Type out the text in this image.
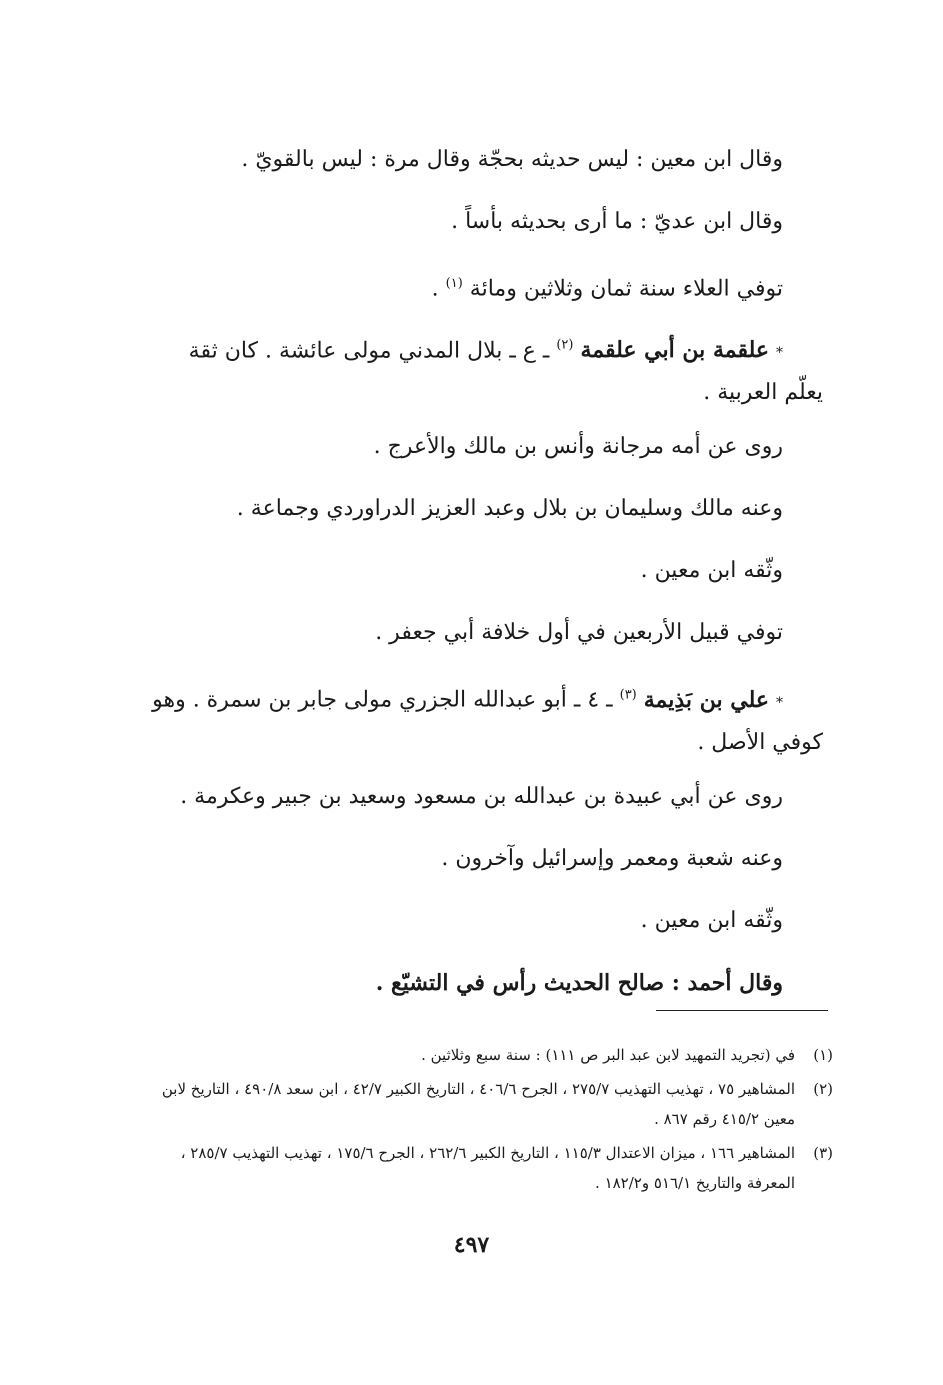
وقال ابن معين : ليس حديثه بحجّة وقال مرة : ليس بالقويّ .
وقال ابن عديّ : ما أرى بحديثه بأساً .
توفي العلاء سنة ثمان وثلاثين ومائة $^{(١)}$ .
* علقمة بن أبي علقمة $^{(٢)}$ ـ ع ـ بلال المدني مولى عائشة . كان ثقة يعلّم العربية .
روى عن أمه مرجانة وأنس بن مالك والأعرج .
وعنه مالك وسليمان بن بلال وعبد العزيز الدراوردي وجماعة .
وثّقه ابن معين .
توفي قبيل الأربعين في أول خلافة أبي جعفر .
* علي بن بَذِيمة $^{(٣)}$ ـ ٤ ـ أبو عبدالله الجزري مولى جابر بن سمرة . وهو كوفي الأصل .
روى عن أبي عبيدة بن عبدالله بن مسعود وسعيد بن جبير وعكرمة .
وعنه شعبة ومعمر وإسرائيل وآخرون .
وثّقه ابن معين .
وقال أحمد : صالح الحديث رأس في التشيّع .
(١)
في (تجريد التمهيد لابن عبد البر ص ١١١) : سنة سبع وثلاثين .
(٢)
المشاهير ٧٥ ، تهذيب التهذيب ٢٧٥/٧ ، الجرح ٤٠٦/٦ ، التاريخ الكبير ٤٢/٧ ، ابن سعد ٤٩٠/٨ ، التاريخ لابن معين ٤١٥/٢ رقم ٨٦٧ .
(٣)
المشاهير ١٦٦ ، ميزان الاعتدال ١١٥/٣ ، التاريخ الكبير ٢٦٢/٦ ، الجرح ١٧٥/٦ ، تهذيب التهذيب ٢٨٥/٧ ، المعرفة والتاريخ ٥١٦/١ و١٨٢/٢ .
٤٩٧
